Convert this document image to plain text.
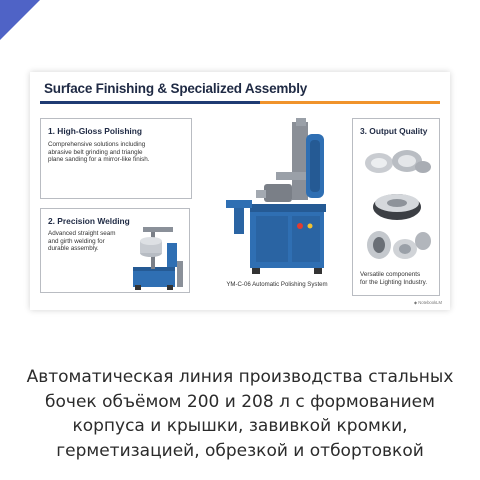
Surface Finishing & Specialized Assembly
1. High-Gloss Polishing
Comprehensive solutions including
abrasive belt grinding and triangle
plane sanding for a mirror-like finish.
2. Precision Welding
Advanced straight seam
and girth welding for
durable assembly.
YM-C-06 Automatic Polishing System
3. Output Quality
Versatile components
for the Lighting Industry.
◆ NotebookLM
Автоматическая линия производства стальных
бочек объёмом 200 и 208 л с формованием
корпуса и крышки, завивкой кромки,
герметизацией, обрезкой и отбортовкой
